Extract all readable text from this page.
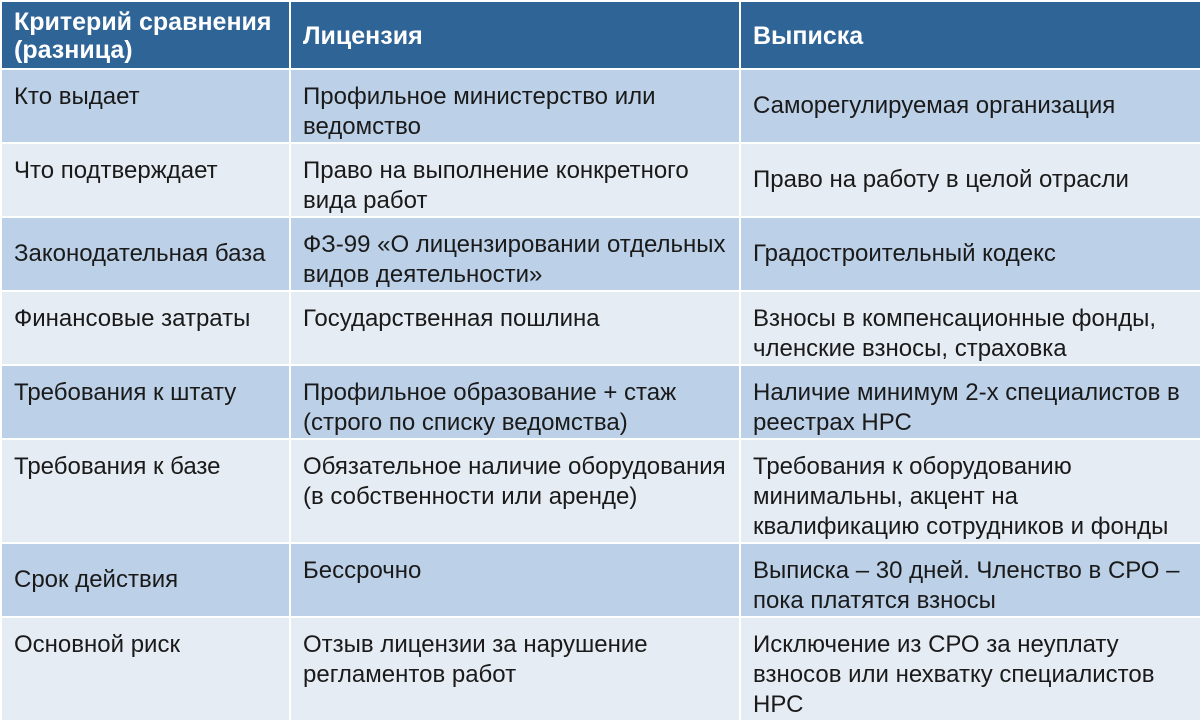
Критерий сравнения (разница)	Лицензия	Выписка
Кто выдает	Профильное министерство или ведомство	Саморегулируемая организация
Что подтверждает	Право на выполнение конкретного вида работ	Право на работу в целой отрасли
Законодательная база	ФЗ-99 «О лицензировании отдельных видов деятельности»	Градостроительный кодекс
Финансовые затраты	Государственная пошлина	Взносы в компенсационные фонды, членские взносы, страховка
Требования к штату	Профильное образование + стаж (строго по списку ведомства)	Наличие минимум 2-х специалистов в реестрах НРС
Требования к базе	Обязательное наличие оборудования (в собственности или аренде)	Требования к оборудованию минимальны, акцент на квалификацию сотрудников и фонды
Срок действия	Бессрочно	Выписка – 30 дней. Членство в СРО – пока платятся взносы
Основной риск	Отзыв лицензии за нарушение регламентов работ	Исключение из СРО за неуплату взносов или нехватку специалистов НРС
